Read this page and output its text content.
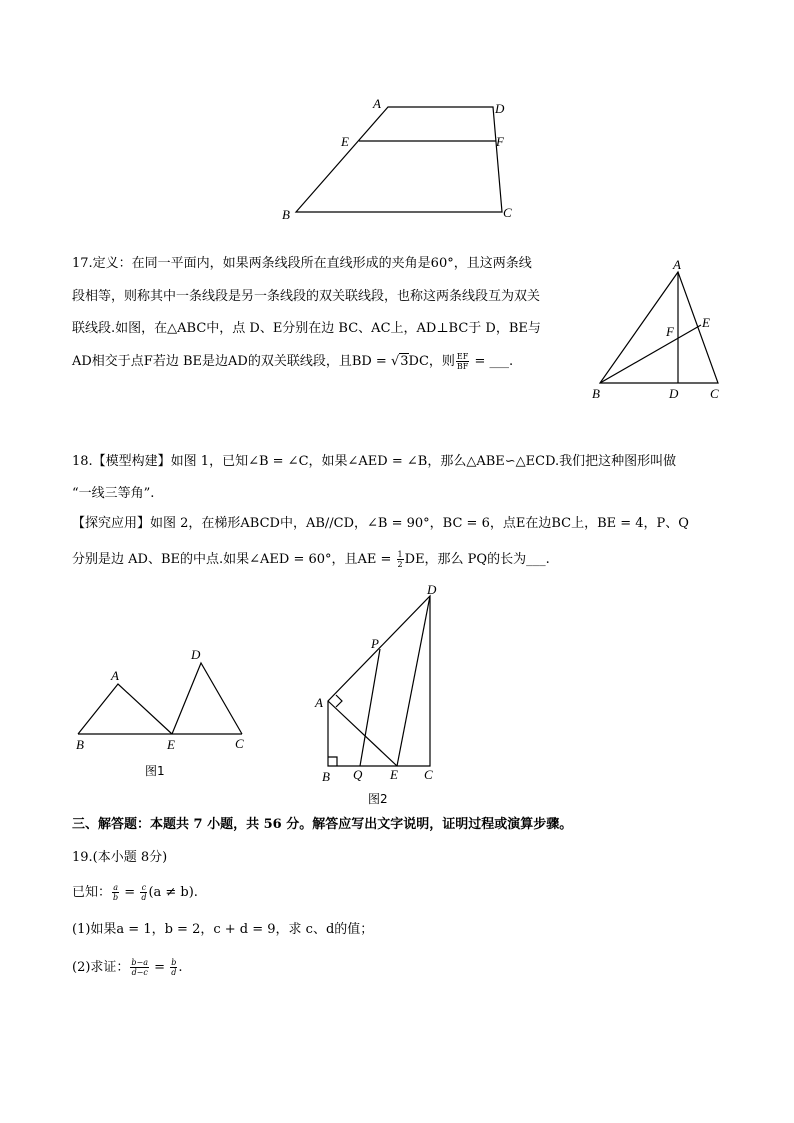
A	D
E	F
B	C
17.定义：在同一平面内，如果两条线段所在直线形成的夹角是60°，且这两条线
段相等，则称其中一条线段是另一条线段的双关联线段，也称这两条线段互为双关
联线段.如图，在△ABC中，点 D、E分别在边 BC、AC上，AD⊥BC于 D，BE与
AD相交于点F若边 BE是边AD的双关联线段，且BD = √3DC，则 $\frac{EF}{BF}$ = ___.
A
E
F
B	D C
18.【模型构建】如图 1，已知∠B = ∠C，如果∠AED = ∠B，那么△ABE∽△ECD.我们把这种图形叫做
“一线三等角”.
【探究应用】如图 2，在梯形ABCD中，AB//CD，∠B = 90°，BC = 6，点E在边BC上，BE = 4，P、Q
分别是边 AD、BE的中点.如果∠AED = 60°，且AE = $\frac{1}{2}$ DE，那么 PQ的长为___.
A
D
B	E	C
图1
D
P
A
B Q E C
图2
三、解答题：本题共 7 小题，共 56 分。解答应写出文字说明，证明过程或演算步骤。
19.(本小题 8分)
已知： $\frac{a}{b} = \frac{c}{d} (a \ne b)$.
(1)如果a = 1，b = 2，c + d = 9，求 c、d的值；
(2)求证： $\frac{b-a}{d-c} = \frac{b}{d}$ .
